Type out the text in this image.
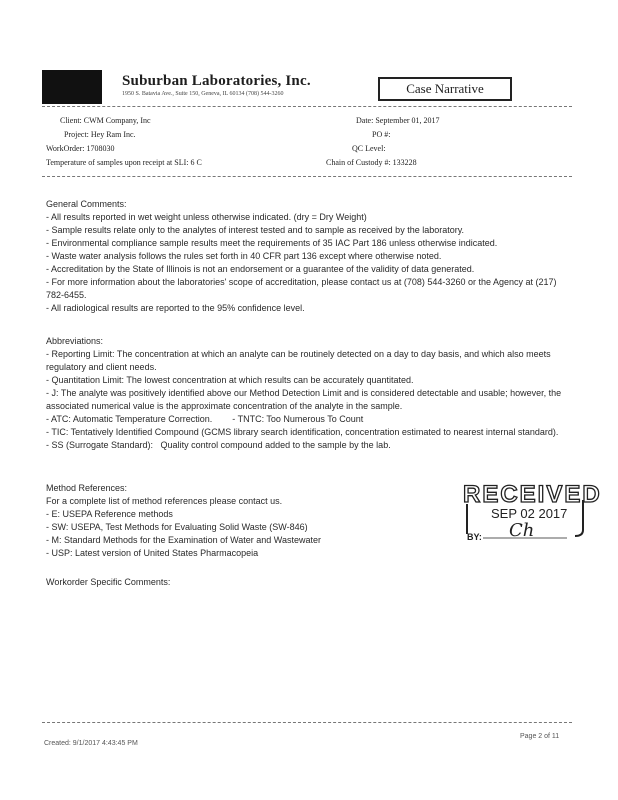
Suburban Laboratories, Inc.
1950 S. Batavia Ave., Suite 150, Geneva, IL 60134 (708) 544-3260	Case Narrative
Client: CWM Company, Inc
Project: Hey Ram Inc.
WorkOrder: 1708030
Temperature of samples upon receipt at SLI: 6 C
Date: September 01, 2017
PO #:
QC Level:
Chain of Custody #: 133228

General Comments:

- All results reported in wet weight unless otherwise indicated. (dry = Dry Weight)

- Sample results relate only to the analytes of interest tested and to sample as received by the laboratory.

- Environmental compliance sample results meet the requirements of 35 IAC Part 186 unless otherwise indicated.

- Waste water analysis follows the rules set forth in 40 CFR part 136 except where otherwise noted.

- Accreditation by the State of Illinois is not an endorsement or a guarantee of the validity of data generated.

- For more information about the laboratories' scope of accreditation, please contact us at (708) 544-3260 or the Agency at (217) 782-6455.

- All radiological results are reported to the 95% confidence level.

Abbreviations:

- Reporting Limit: The concentration at which an analyte can be routinely detected on a day to day basis, and which also meets regulatory and client needs.

- Quantitation Limit: The lowest concentration at which results can be accurately quantitated.

- J: The analyte was positively identified above our Method Detection Limit and is considered detectable and usable; however, the associated numerical value is the approximate concentration of the analyte in the sample.

- ATC: Automatic Temperature Correction.        - TNTC: Too Numerous To Count

- TIC: Tentatively Identified Compound (GCMS library search identification, concentration estimated to nearest internal standard).

- SS (Surrogate Standard):   Quality control compound added to the sample by the lab.

Method References:

For a complete list of method references please contact us.

- E: USEPA Reference methods

- SW: USEPA, Test Methods for Evaluating Solid Waste (SW-846)

- M: Standard Methods for the Examination of Water and Wastewater

- USP: Latest version of United States Pharmacopeia

Workorder Specific Comments:
RECEIVED
SEP 02 2017
BY: Ch
Page 2 of 11
Created: 9/1/2017 4:43:45 PM
